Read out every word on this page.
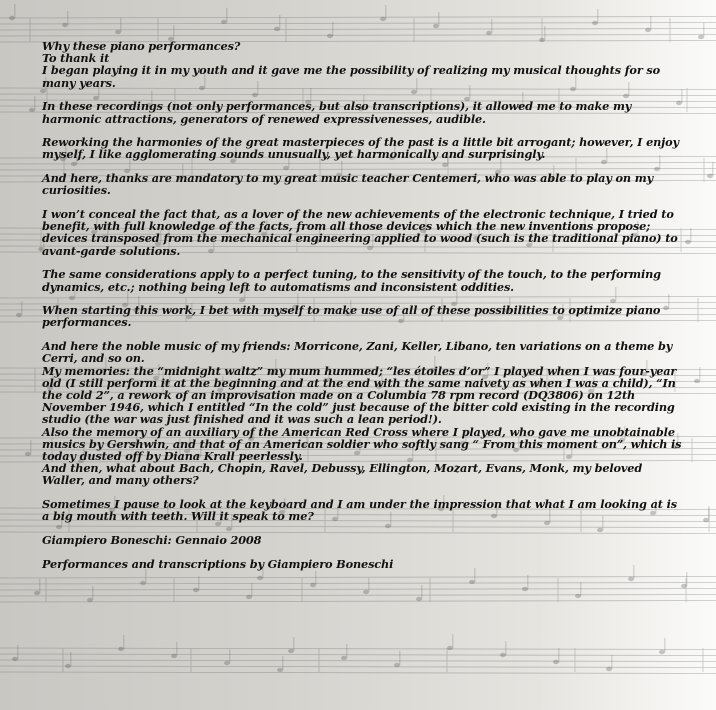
Why these piano performances?
To thank it
I began playing it in my youth and it gave me the possibility of realizing my musical thoughts for so many years.

In these recordings (not only performances, but also transcriptions), it allowed me to make my harmonic attractions, generators of renewed expressivenesses, audible.

Reworking the harmonies of the great masterpieces of the past is a little bit arrogant; however, I enjoy myself, I like agglomerating sounds unusually, yet harmonically and surprisingly.

And here, thanks are mandatory to my great music teacher Centemeri, who was able to play on my curiosities.

I won’t conceal the fact that, as a lover of the new achievements of the electronic technique, I tried to benefit, with full knowledge of the facts, from all those devices which the new inventions propose; devices transposed from the mechanical engineering applied to wood (such is the traditional piano) to avant-garde solutions.

The same considerations apply to a perfect tuning, to the sensitivity of the touch, to the performing dynamics, etc.; nothing being left to automatisms and inconsistent oddities.

When starting this work, I bet with myself to make use of all of these possibilities to optimize piano performances.

And here the noble music of my friends: Morricone, Zani, Keller, Libano, ten variations on a theme by Cerri, and so on.
My memories: the “midnight waltz” my mum hummed; “les étoiles d’or” I played when I was four-year old (I still perform it at the beginning and at the end with the same naivety as when I was a child), “In the cold 2”, a rework of an improvisation made on a Columbia 78 rpm record (DQ3806) on 12th November 1946, which I entitled “In the cold” just because of the bitter cold existing in the recording studio (the war was just finished and it was such a lean period!).
Also the memory of an auxiliary of the American Red Cross where I played, who gave me unobtainable musics by Gershwin, and that of an American soldier who softly sang “ From this moment on”, which is today dusted off by Diana Krall peerlessly.
And then, what about Bach, Chopin, Ravel, Debussy, Ellington, Mozart, Evans, Monk, my beloved Waller, and many others?

Sometimes I pause to look at the keyboard and I am under the impression that what I am looking at is a big mouth with teeth. Will it speak to me?

Giampiero Boneschi: Gennaio 2008

Performances and transcriptions by Giampiero Boneschi
